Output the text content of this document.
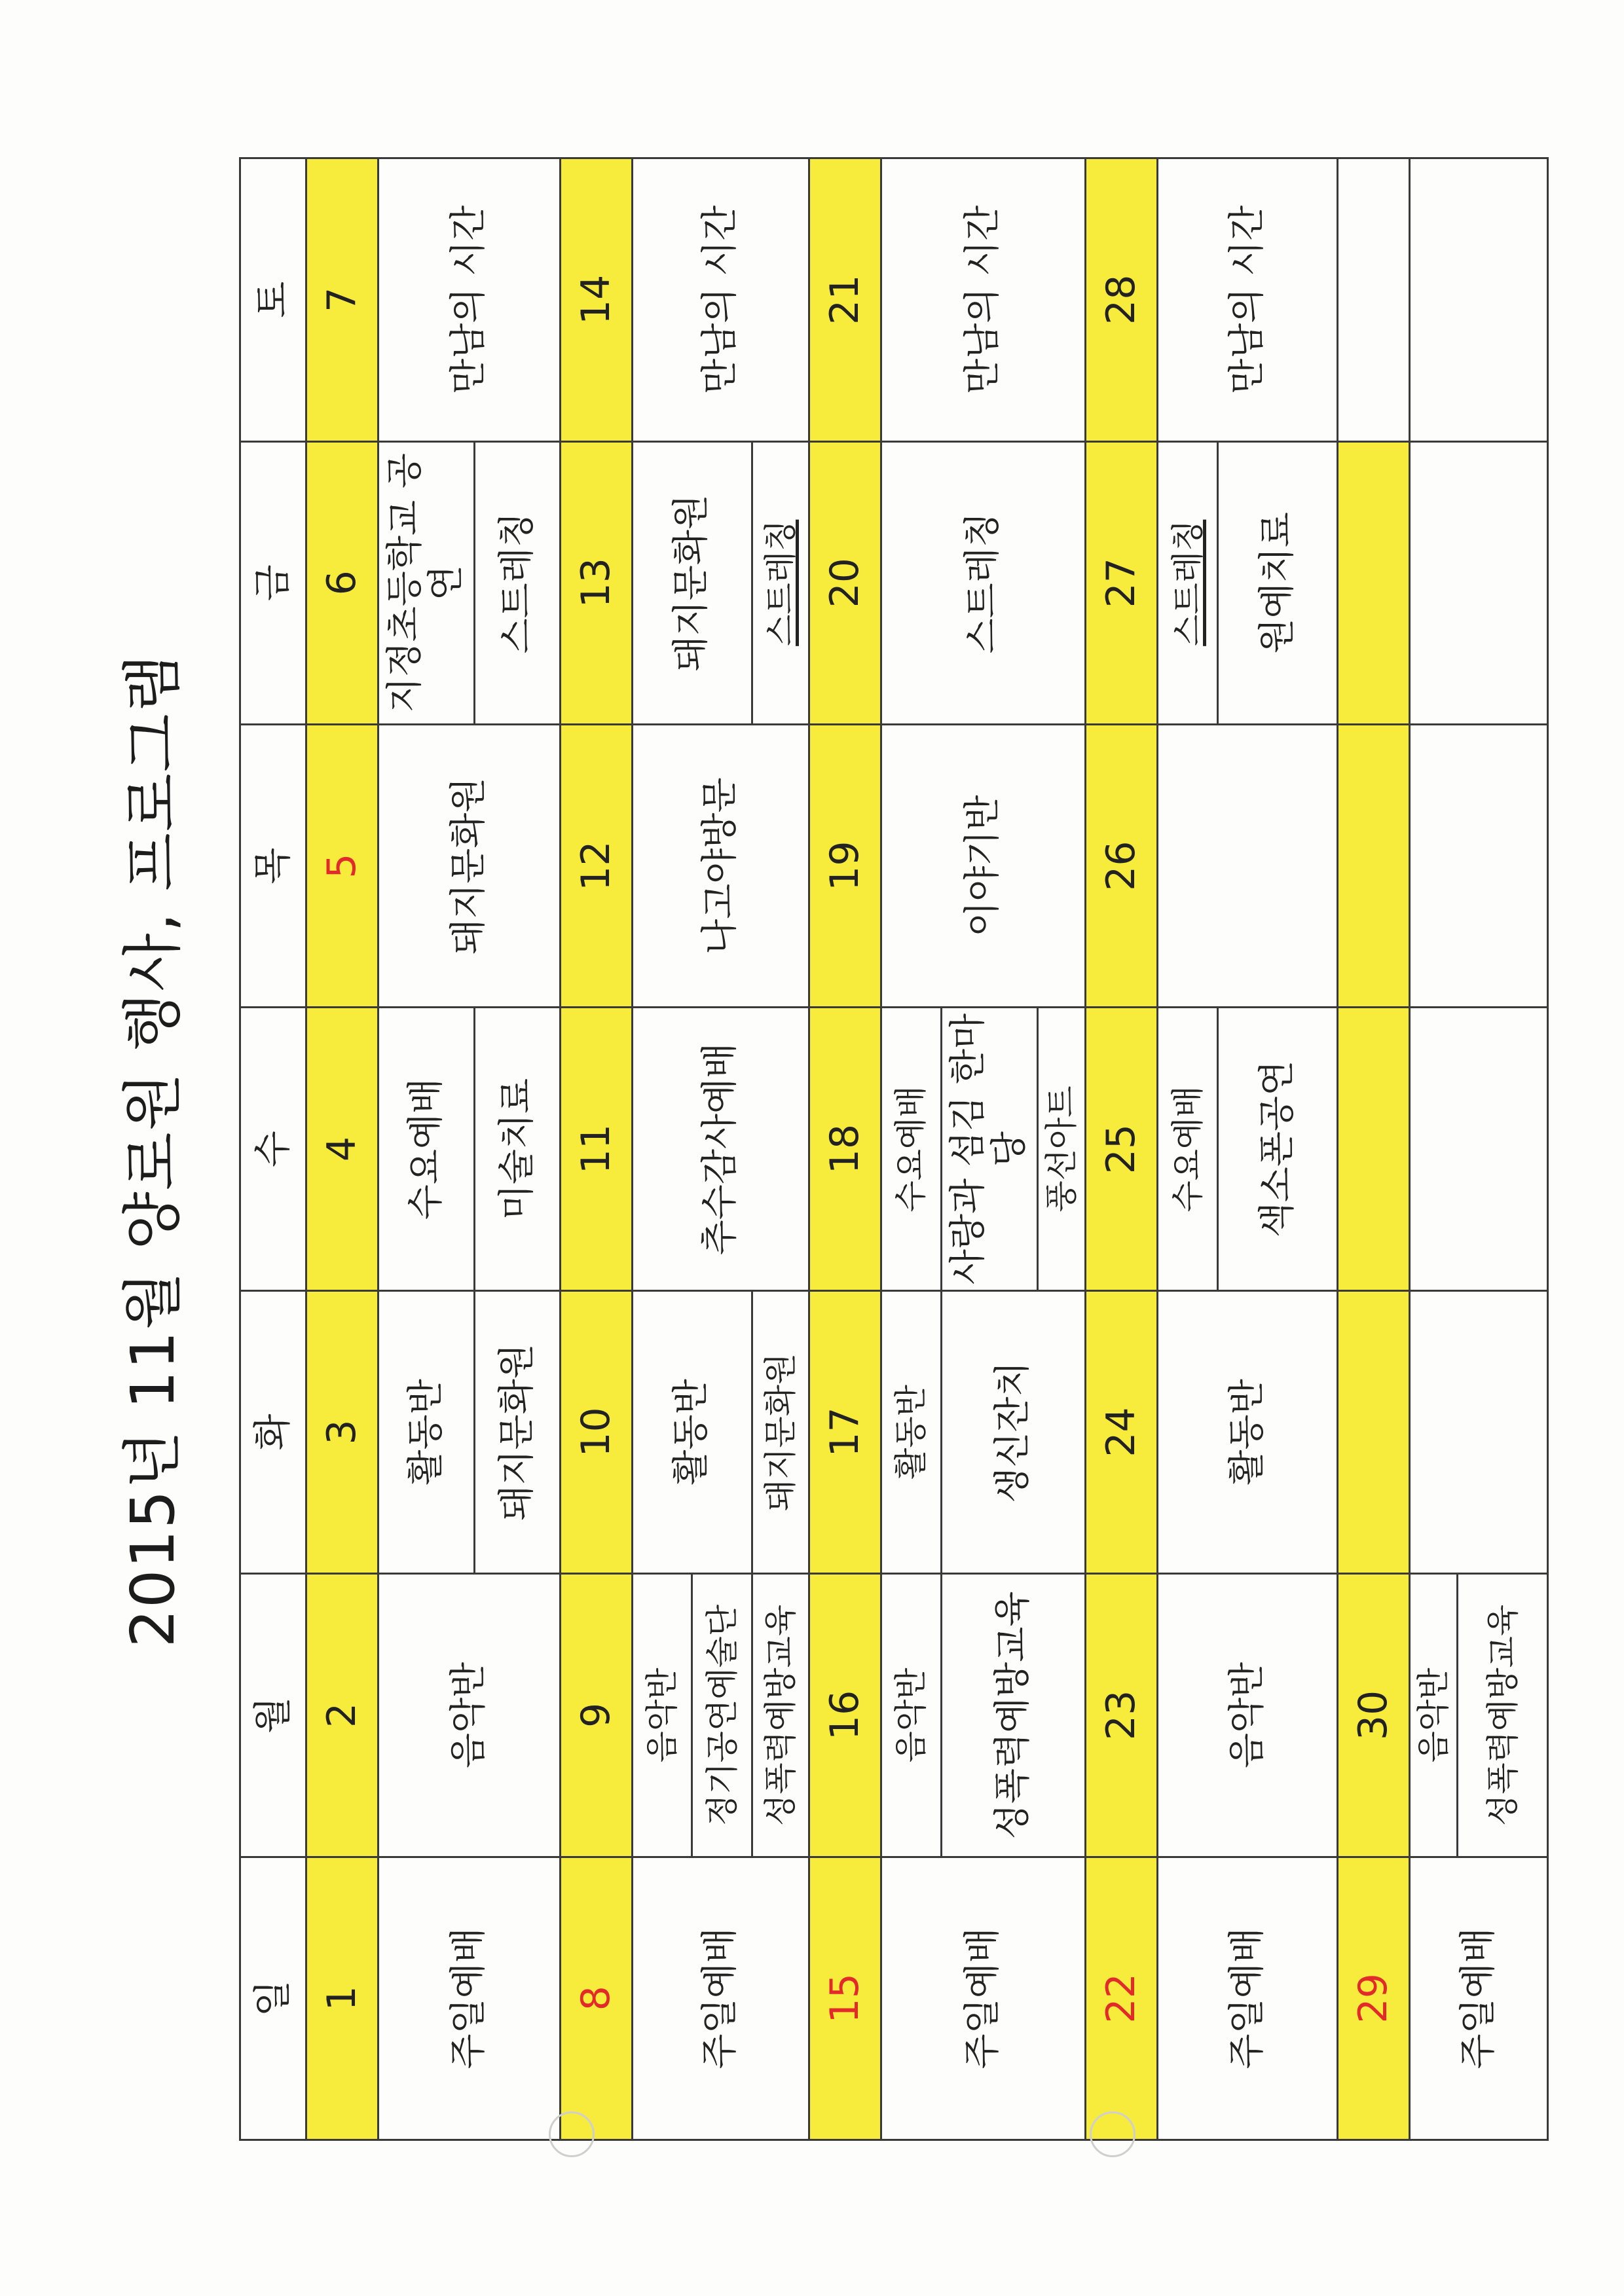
2015년 11월 양로원 행사, 프로그램
일	월	화	수	목	금	토
1	2	3	4	5	6	7
주일예배	음악반	활동반	수요예배	돼지문화원	지정초등학교 공연	만남의 시간
		돼지문화원	미술치료		스트레칭	
8	9	10	11	12	13	14
주일예배	음악반	활동반	추수감사예배	나고야방문	돼지문화원	만남의 시간
	정기공연예술단					
	성폭력예방교육	돼지문화원			스트레칭	
15	16	17	18	19	20	21
주일예배	음악반	활동반	수요예배	이야기반	스트레칭	만남의 시간
	성폭력예방교육	생신잔치	사랑과 섬김 한마당			
			풍선아트			
22	23	24	25	26	27	28
주일예배	음악반	활동반	수요예배		스트레칭	만남의 시간
			색소폰공연		원예치료	
29	30					
주일예배	음악반					
	성폭력예방교육					
